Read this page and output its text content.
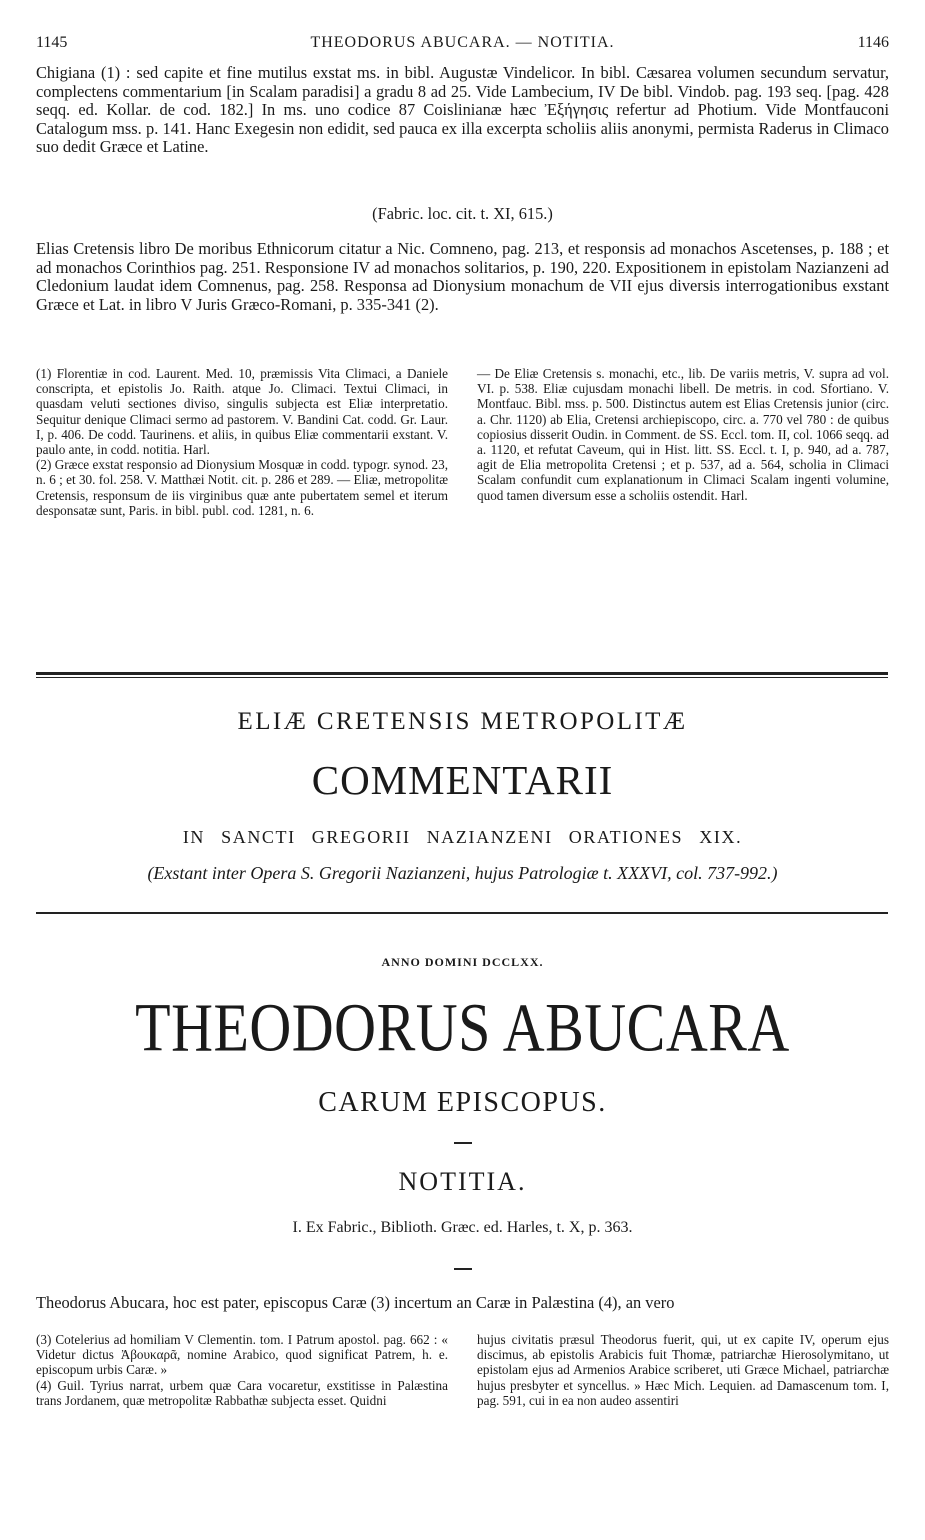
1145	THEODORUS ABUCARA. — NOTITIA.	1146

Chigiana (1) : sed capite et fine mutilus exstat ms. in bibl. Augustæ Vindelicor. In bibl. Cæsarea volumen secundum servatur, complectens commentarium [in Scalam paradisi] a gradu 8 ad 25. Vide Lambecium, IV De bibl. Vindob. pag. 193 seq. [pag. 428 seqq. ed. Kollar. de cod. 182.] In ms. uno codice 87 Coislinianæ hæc Ἐξήγησις refertur ad Photium. Vide Montfauconi Catalogum mss. p. 141. Hanc Exegesin non edidit, sed pauca ex illa excerpta scholiis aliis anonymi, permista Raderus in Climaco suo dedit Græce et Latine.

(Fabric. loc. cit. t. XI, 615.)

Elias Cretensis libro De moribus Ethnicorum citatur a Nic. Comneno, pag. 213, et responsis ad monachos Ascetenses, p. 188 ; et ad monachos Corinthios pag. 251. Responsione IV ad monachos solitarios, p. 190, 220. Expositionem in epistolam Nazianzeni ad Cledonium laudat idem Comnenus, pag. 258. Responsa ad Dionysium monachum de VII ejus diversis interrogationibus exstant Græce et Lat. in libro V Juris Græco-Romani, p. 335-341 (2).

(1) Florentiæ in cod. Laurent. Med. 10, præmissis Vita Climaci, a Daniele conscripta, et epistolis Jo. Raith. atque Jo. Climaci. Textui Climaci, in quasdam veluti sectiones diviso, singulis subjecta est Eliæ interpretatio. Sequitur denique Climaci sermo ad pastorem. V. Bandini Cat. codd. Gr. Laur. I, p. 406. De codd. Taurinens. et aliis, in quibus Eliæ commentarii exstant. V. paulo ante, in codd. notitia. Harl.

(2) Græce exstat responsio ad Dionysium Mosquæ in codd. typogr. synod. 23, n. 6 ; et 30. fol. 258. V. Matthæi Notit. cit. p. 286 et 289. — Eliæ, metropolitæ Cretensis, responsum de iis virginibus quæ ante pubertatem semel et iterum desponsatæ sunt, Paris. in bibl. publ. cod. 1281, n. 6.

— De Eliæ Cretensis s. monachi, etc., lib. De variis metris, V. supra ad vol. VI. p. 538. Eliæ cujusdam monachi libell. De metris. in cod. Sfortiano. V. Montfauc. Bibl. mss. p. 500. Distinctus autem est Elias Cretensis junior (circ. a. Chr. 1120) ab Elia, Cretensi archiepiscopo, circ. a. 770 vel 780 : de quibus copiosius disserit Oudin. in Comment. de SS. Eccl. tom. II, col. 1066 seqq. ad a. 1120, et refutat Caveum, qui in Hist. litt. SS. Eccl. t. I, p. 940, ad a. 787, agit de Elia metropolita Cretensi ; et p. 537, ad a. 564, scholia in Climaci Scalam confundit cum explanationum in Climaci Scalam ingenti volumine, quod tamen diversum esse a scholiis ostendit. Harl.

ELIÆ CRETENSIS METROPOLITÆ
COMMENTARII
IN SANCTI GREGORII NAZIANZENI ORATIONES XIX.
(Exstant inter Opera S. Gregorii Nazianzeni, hujus Patrologiæ t. XXXVI, col. 737-992.)
ANNO DOMINI DCCLXX.
THEODORUS ABUCARA
CARUM EPISCOPUS.
NOTITIA.
I. Ex Fabric., Biblioth. Græc. ed. Harles, t. X, p. 363.

Theodorus Abucara, hoc est pater, episcopus Caræ (3) incertum an Caræ in Palæstina (4), an vero

(3) Cotelerius ad homiliam V Clementin. tom. I Patrum apostol. pag. 662 : « Videtur dictus Ἀβουκαρᾶ, nomine Arabico, quod significat Patrem, h. e. episcopum urbis Caræ. »

(4) Guil. Tyrius narrat, urbem quæ Cara vocaretur, exstitisse in Palæstina trans Jordanem, quæ metropolitæ Rabbathæ subjecta esset. Quidni

hujus civitatis præsul Theodorus fuerit, qui, ut ex capite IV, operum ejus discimus, ab epistolis Arabicis fuit Thomæ, patriarchæ Hierosolymitano, ut epistolam ejus ad Armenios Arabice scriberet, uti Græce Michael, patriarchæ hujus presbyter et syncellus. » Hæc Mich. Lequien. ad Damascenum tom. I, pag. 591, cui in ea non audeo assentiri
